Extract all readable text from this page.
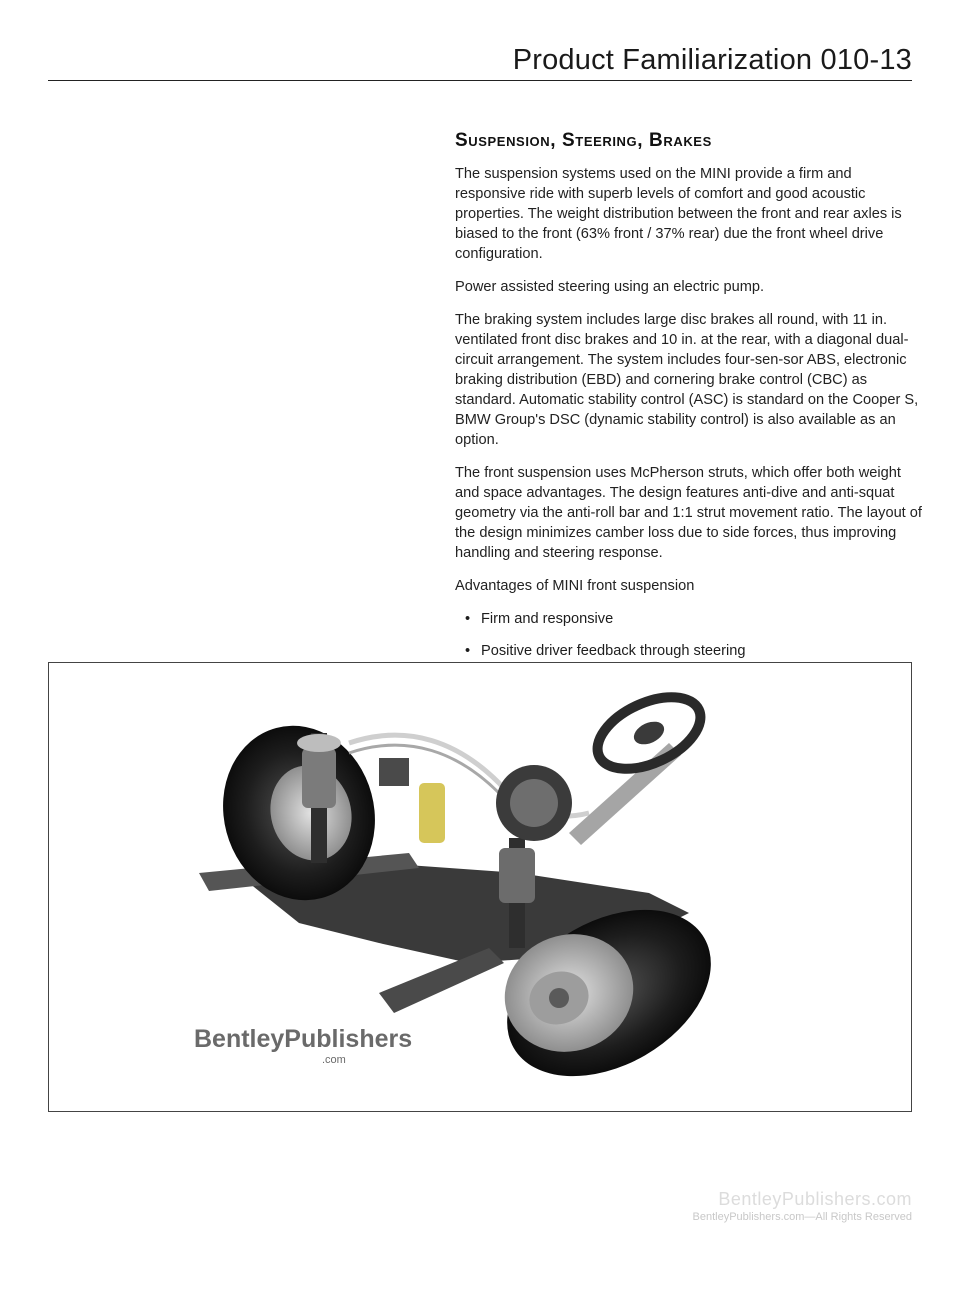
Product Familiarization 010-13
Suspension, Steering, Brakes

The suspension systems used on the MINI provide a firm and responsive ride with superb levels of comfort and good acoustic properties. The weight distribution between the front and rear axles is biased to the front (63% front / 37% rear) due the front wheel drive configuration.

Power assisted steering using an electric pump.

The braking system includes large disc brakes all round, with 11 in. ventilated front disc brakes and 10 in. at the rear, with a diagonal dual-circuit arrangement. The system includes four-sen-sor ABS, electronic braking distribution (EBD) and cornering brake control (CBC) as standard. Automatic stability control (ASC) is standard on the Cooper S, BMW Group's DSC (dynamic stability control) is also available as an option.

The front suspension uses McPherson struts, which offer both weight and space advantages. The design features anti-dive and anti-squat geometry via the anti-roll bar and 1:1 strut movement ratio. The layout of the design minimizes camber loss due to side forces, thus improving handling and steering response.

Advantages of MINI front suspension

• Firm and responsive
• Positive driver feedback through steering
•
BentleyPublishers
.com
BentleyPublishers.com
BentleyPublishers.com—All Rights Reserved
